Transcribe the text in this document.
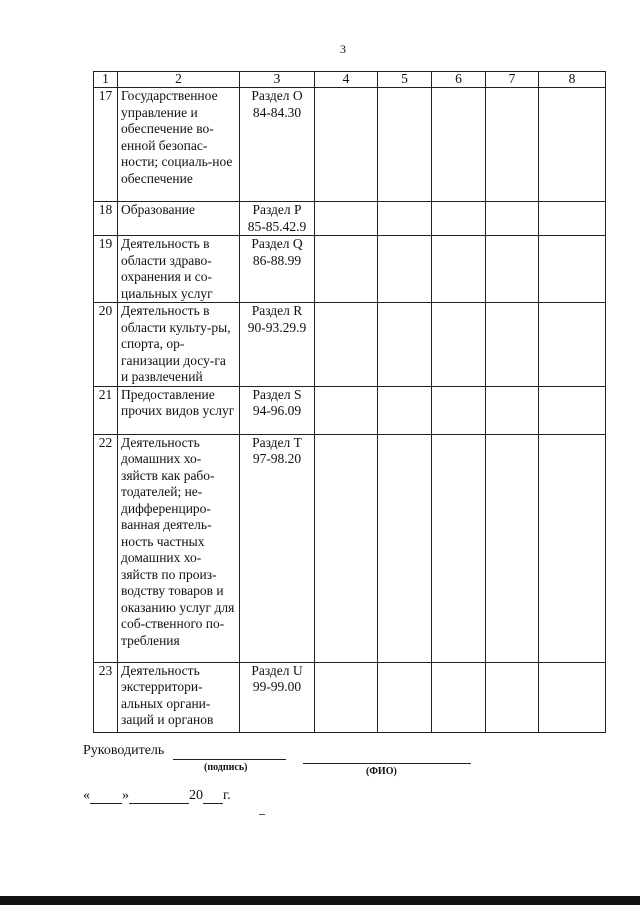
3
1	2	3	4	5	6	7	8
17	Государственное управление и обеспечение во-енной безопас-ности; социаль-ное обеспечение	Раздел О 84-84.30					
18	Образование	Раздел Р 85-85.42.9					
19	Деятельность в области здраво-охранения и со-циальных услуг	Раздел Q 86-88.99					
20	Деятельность в области культу-ры, спорта, ор-ганизации досу-га и развлечений	Раздел R 90-93.29.9					
21	Предоставление прочих видов услуг	Раздел S 94-96.09					
22	Деятельность домашних хо-зяйств как рабо-тодателей; не-дифференциро-ванная деятель-ность частных домашних хо-зяйств по произ-водству товаров и оказанию услуг для соб-ственного по-требления	Раздел Т 97-98.20					
23	Деятельность экстерритори-альных органи-заций и органов	Раздел U 99-99.00					
Руководитель
(подпись)	(ФИО)
« »	20 г.
